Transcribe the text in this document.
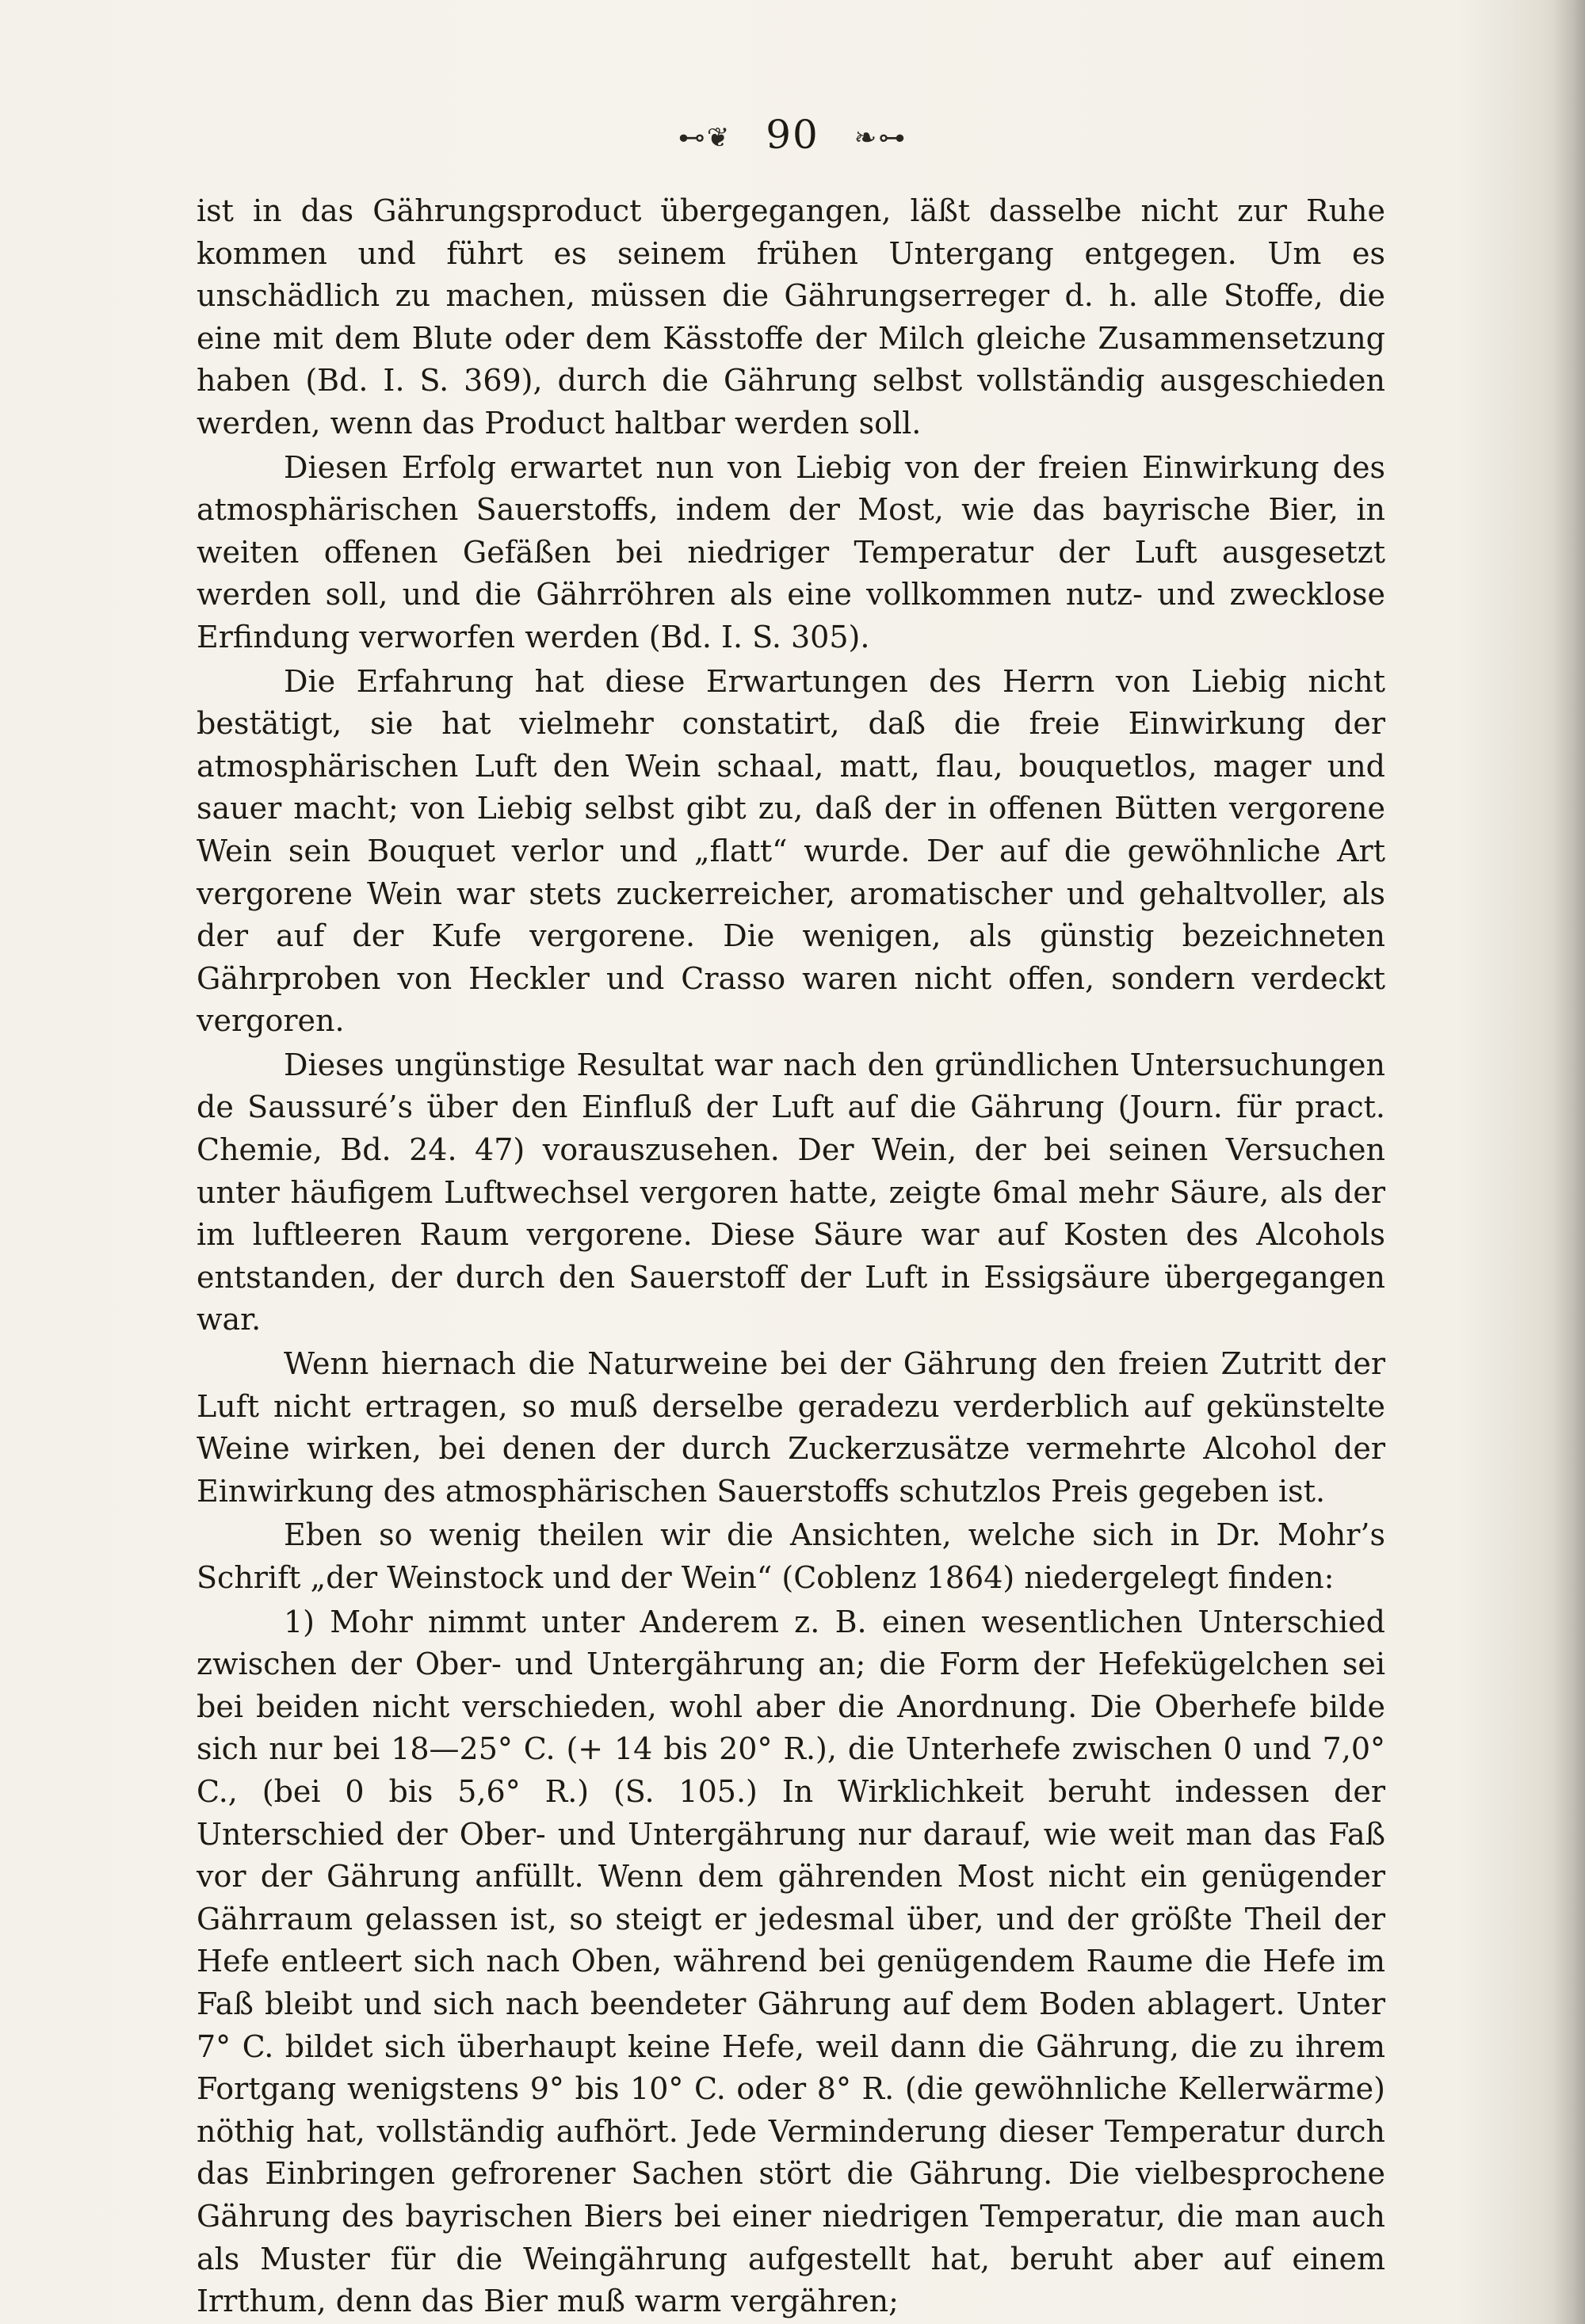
⊷❦ 90 ❧⊶

ist in das Gährungsproduct übergegangen, läßt dasselbe nicht zur Ruhe kommen und führt es seinem frühen Untergang entgegen. Um es unschädlich zu machen, müssen die Gährungserreger d. h. alle Stoffe, die eine mit dem Blute oder dem Kässtoffe der Milch gleiche Zusammensetzung haben (Bd. I. S. 369), durch die Gährung selbst vollständig ausgeschieden werden, wenn das Product haltbar werden soll.

Diesen Erfolg erwartet nun von Liebig von der freien Einwirkung des atmosphärischen Sauerstoffs, indem der Most, wie das bayrische Bier, in weiten offenen Gefäßen bei niedriger Temperatur der Luft ausgesetzt werden soll, und die Gährröhren als eine vollkommen nutz- und zwecklose Erfindung verworfen werden (Bd. I. S. 305).

Die Erfahrung hat diese Erwartungen des Herrn von Liebig nicht bestätigt, sie hat vielmehr constatirt, daß die freie Einwirkung der atmosphärischen Luft den Wein schaal, matt, flau, bouquetlos, mager und sauer macht; von Liebig selbst gibt zu, daß der in offenen Bütten vergorene Wein sein Bouquet verlor und „flatt“ wurde. Der auf die gewöhnliche Art vergorene Wein war stets zuckerreicher, aromatischer und gehaltvoller, als der auf der Kufe vergorene. Die wenigen, als günstig bezeichneten Gährproben von Heckler und Crasso waren nicht offen, sondern verdeckt vergoren.

Dieses ungünstige Resultat war nach den gründlichen Untersuchungen de Saussuré’s über den Einfluß der Luft auf die Gährung (Journ. für pract. Chemie, Bd. 24. 47) vorauszusehen. Der Wein, der bei seinen Versuchen unter häufigem Luftwechsel vergoren hatte, zeigte 6mal mehr Säure, als der im luftleeren Raum vergorene. Diese Säure war auf Kosten des Alcohols entstanden, der durch den Sauerstoff der Luft in Essigsäure übergegangen war.

Wenn hiernach die Naturweine bei der Gährung den freien Zutritt der Luft nicht ertragen, so muß derselbe geradezu verderblich auf gekünstelte Weine wirken, bei denen der durch Zuckerzusätze vermehrte Alcohol der Einwirkung des atmosphärischen Sauerstoffs schutzlos Preis gegeben ist.

Eben so wenig theilen wir die Ansichten, welche sich in Dr. Mohr’s Schrift „der Weinstock und der Wein“ (Coblenz 1864) niedergelegt finden:

1) Mohr nimmt unter Anderem z. B. einen wesentlichen Unterschied zwischen der Ober- und Untergährung an; die Form der Hefekügelchen sei bei beiden nicht verschieden, wohl aber die Anordnung. Die Oberhefe bilde sich nur bei 18—25° C. (+ 14 bis 20° R.), die Unterhefe zwischen 0 und 7,0° C., (bei 0 bis 5,6° R.) (S. 105.) In Wirklichkeit beruht indessen der Unterschied der Ober- und Untergährung nur darauf, wie weit man das Faß vor der Gährung anfüllt. Wenn dem gährenden Most nicht ein genügender Gährraum gelassen ist, so steigt er jedesmal über, und der größte Theil der Hefe entleert sich nach Oben, während bei genügendem Raume die Hefe im Faß bleibt und sich nach beendeter Gährung auf dem Boden ablagert. Unter 7° C. bildet sich überhaupt keine Hefe, weil dann die Gährung, die zu ihrem Fortgang wenigstens 9° bis 10° C. oder 8° R. (die gewöhnliche Kellerwärme) nöthig hat, vollständig aufhört. Jede Verminderung dieser Temperatur durch das Einbringen gefrorener Sachen stört die Gährung. Die vielbesprochene Gährung des bayrischen Biers bei einer niedrigen Temperatur, die man auch als Muster für die Weingährung aufgestellt hat, beruht aber auf einem Irrthum, denn das Bier muß warm vergähren;
